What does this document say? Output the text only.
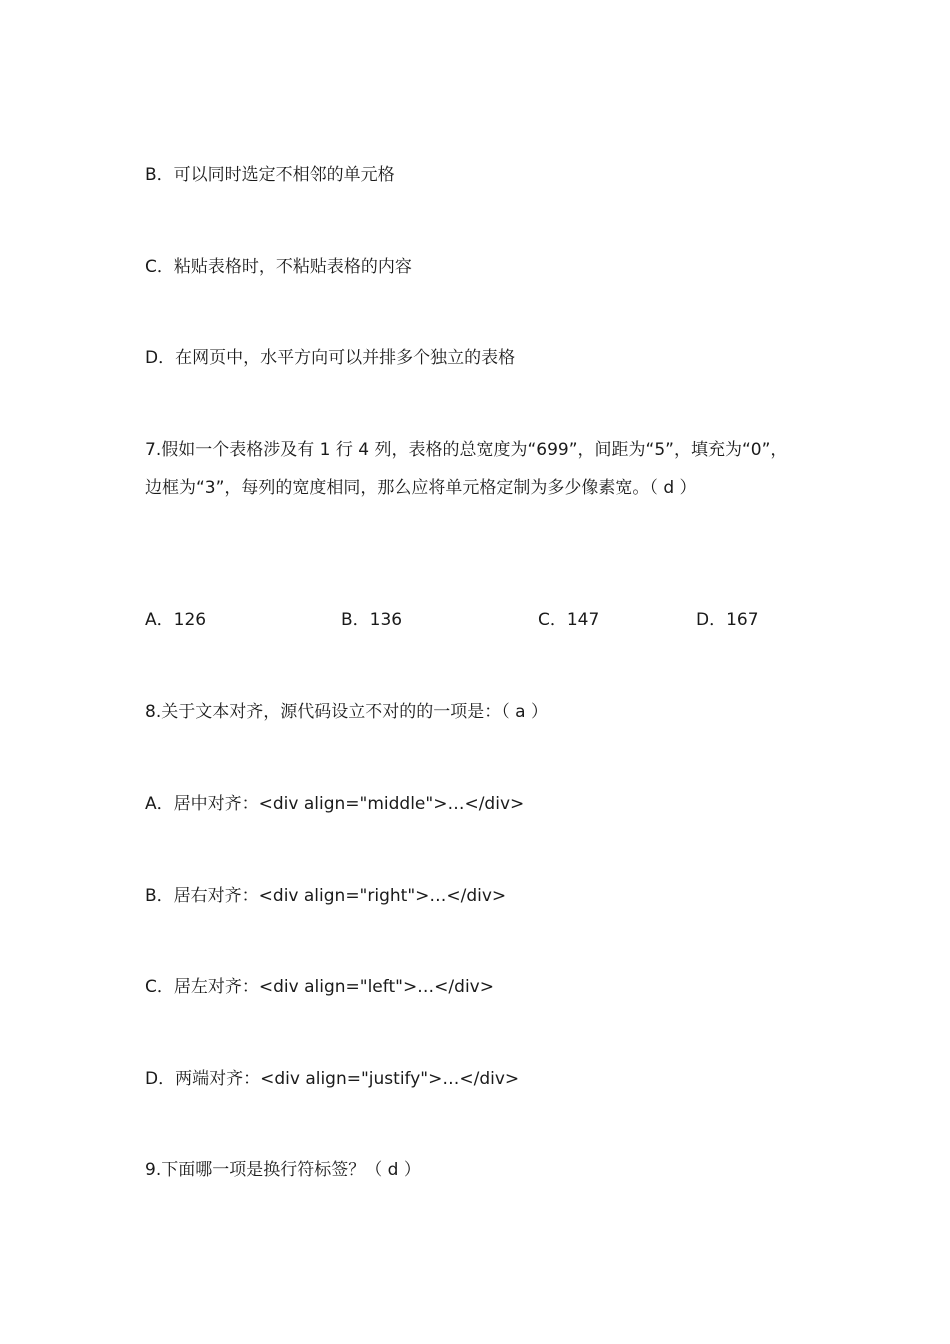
B．可以同时选定不相邻的单元格
C．粘贴表格时，不粘贴表格的内容
D．在网页中，水平方向可以并排多个独立的表格
7.假如一个表格涉及有 1 行 4 列，表格的总宽度为“699”，间距为“5”，填充为“0”，边框为“3”，每列的宽度相同，那么应将单元格定制为多少像素宽。（ d ）
A．126	B．136	C．147	D．167
8.关于文本对齐，源代码设立不对的的一项是：（ a ）
A．居中对齐：<div align="middle">…</div>
B．居右对齐：<div align="right">…</div>
C．居左对齐：<div align="left">…</div>
D．两端对齐：<div align="justify">…</div>
9.下面哪一项是换行符标签？（ d ）
